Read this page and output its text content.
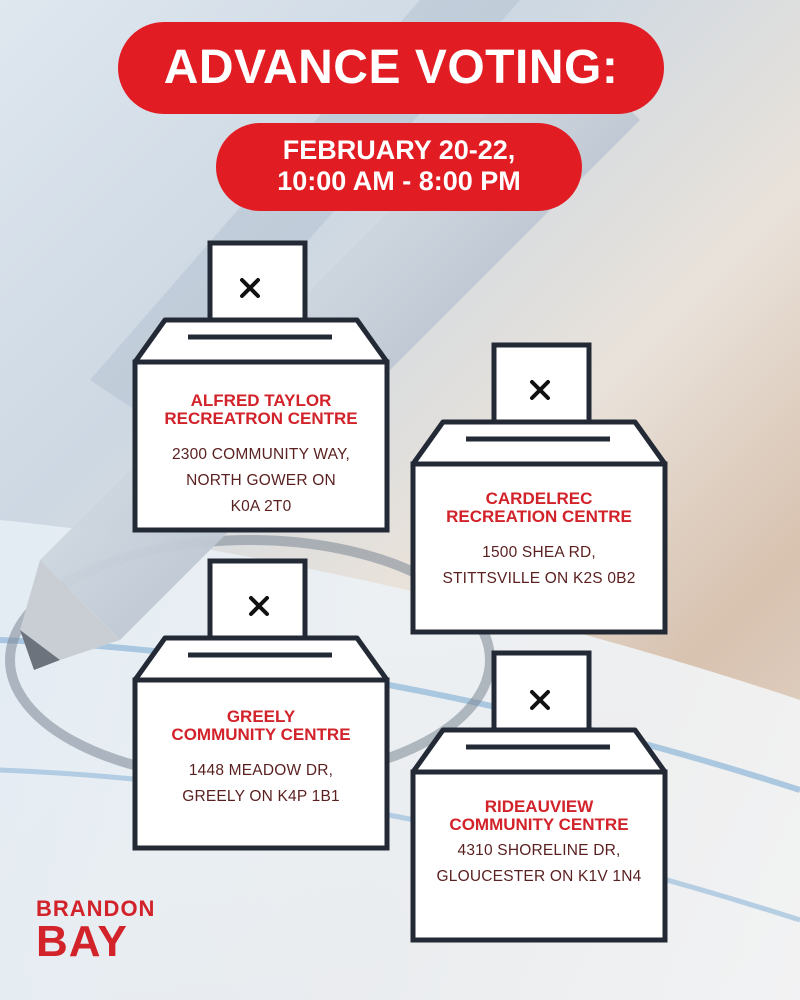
ADVANCE VOTING:
FEBRUARY 20-22,
10:00 AM - 8:00 PM
ALFRED TAYLOR
RECREATRON CENTRE
2300 COMMUNITY WAY,
NORTH GOWER ON
K0A 2T0	CARDELREC
RECREATION CENTRE
1500 SHEA RD,
STITTSVILLE ON K2S 0B2
GREELY
COMMUNITY CENTRE
1448 MEADOW DR,
GREELY ON K4P 1B1
RIDEAUVIEW
COMMUNITY CENTRE
4310 SHORELINE DR,
GLOUCESTER ON K1V 1N4
BRANDON
BAY
